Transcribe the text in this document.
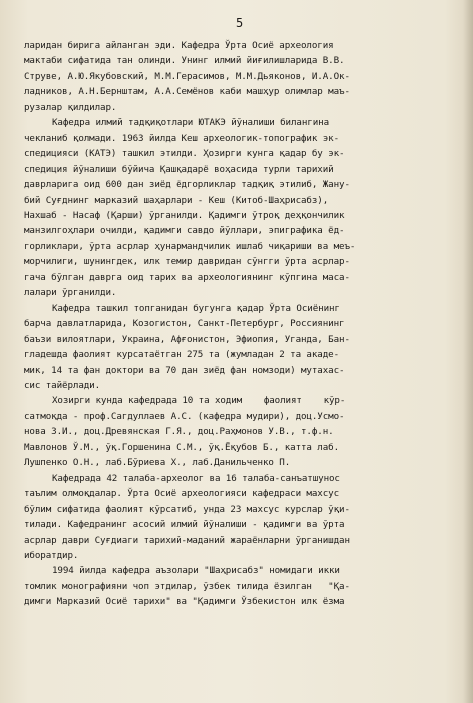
5
ларидан бирига айланган эди. Кафедра Ўрта Осиё археология
мактаби сифатида тан олинди. Унинг илмий йиғилишларида В.В.
Струве, А.Ю.Якубовский, М.М.Герасимов, М.М.Дьяконов, И.А.Ок-
ладников, А.Н.Бернштам, А.А.Семёнов каби машҳур олимлар маъ-
рузалар қилдилар.
Кафедра илмий тадқиқотлари ЮТАКЭ йўналиши билангина
чекланиб қолмади. 1963 йилда Кеш археологик-топографик эк-
спедицияси (КАТЭ) ташкил этилди. Ҳозирги кунга қадар бу эк-
спедиция йўналиши бўйича Қашқадарё воҳасида турли тарихий
даврларига оид 600 дан зиёд ёдгорликлар тадқиқ этилиб, Жану-
бий Суғднинг марказий шаҳарлари - Кеш (Китоб-Шаҳрисабз),
Нахшаб - Насаф (Қарши) ўрганилди. Қадимги ўтроқ деҳқончилик
манзилгоҳлари очилди, қадимги савдо йўллари, эпиграфика ёд-
горликлари, ўрта асрлар ҳунармандчилик ишлаб чиқариши ва меъ-
морчилиги, шунингдек, илк темир давридан сўнгги ўрта асрлар-
гача бўлган даврга оид тарих ва археологиянинг кўпгина маса-
лалари ўрганилди.
Кафедра ташкил топганидан бугунга қадар Ўрта Осиёнинг
барча давлатларида, Козогистон, Санкт-Петербург, Россиянинг
баъзи вилоятлари, Украина, Афғонистон, Эфиопия, Уганда, Бан-
гладешда фаолият курсатаётган 275 та (жумладан 2 та акаде-
мик, 14 та фан доктори ва 70 дан зиёд фан номзоди) мутахас-
сис тайёрлади.
Хозирги кунда кафедрада 10 та ходим    фаолият    кўр-
сатмоқда - проф.Сагдуллаев А.С. (кафедра мудири), доц.Усмо-
нова З.И., доц.Древянская Г.Я., доц.Раҳмонов У.В., т.ф.н.
Мавлонов Ў.М., ўқ.Горшенина С.М., ўқ.Ёқубов Б., катта лаб.
Лушпенко О.Н., лаб.Бўриева Х., лаб.Данильченко П.
Кафедрада 42 талаба-археолог ва 16 талаба-санъатшунос
таълим олмоқдалар. Ўрта Осиё археологияси кафедраси махсус
бўлим сифатида фаолият кўрсатиб, унда 23 махсус курслар ўқи-
тилади. Кафедранинг асосий илмий йўналиши - қадимги ва ўрта
асрлар даври Суғдиаги тарихий-маданий жараёнларни ўрганишдан
иборатдир.
1994 йилда кафедра аъзолари "Шаҳрисабз" номидаги икки
томлик монографияни чоп этдилар, ўзбек тилида ёзилган   "Қа-
димги Марказий Осиё тарихи" ва "Қадимги Ўзбекистон илк ёзма
